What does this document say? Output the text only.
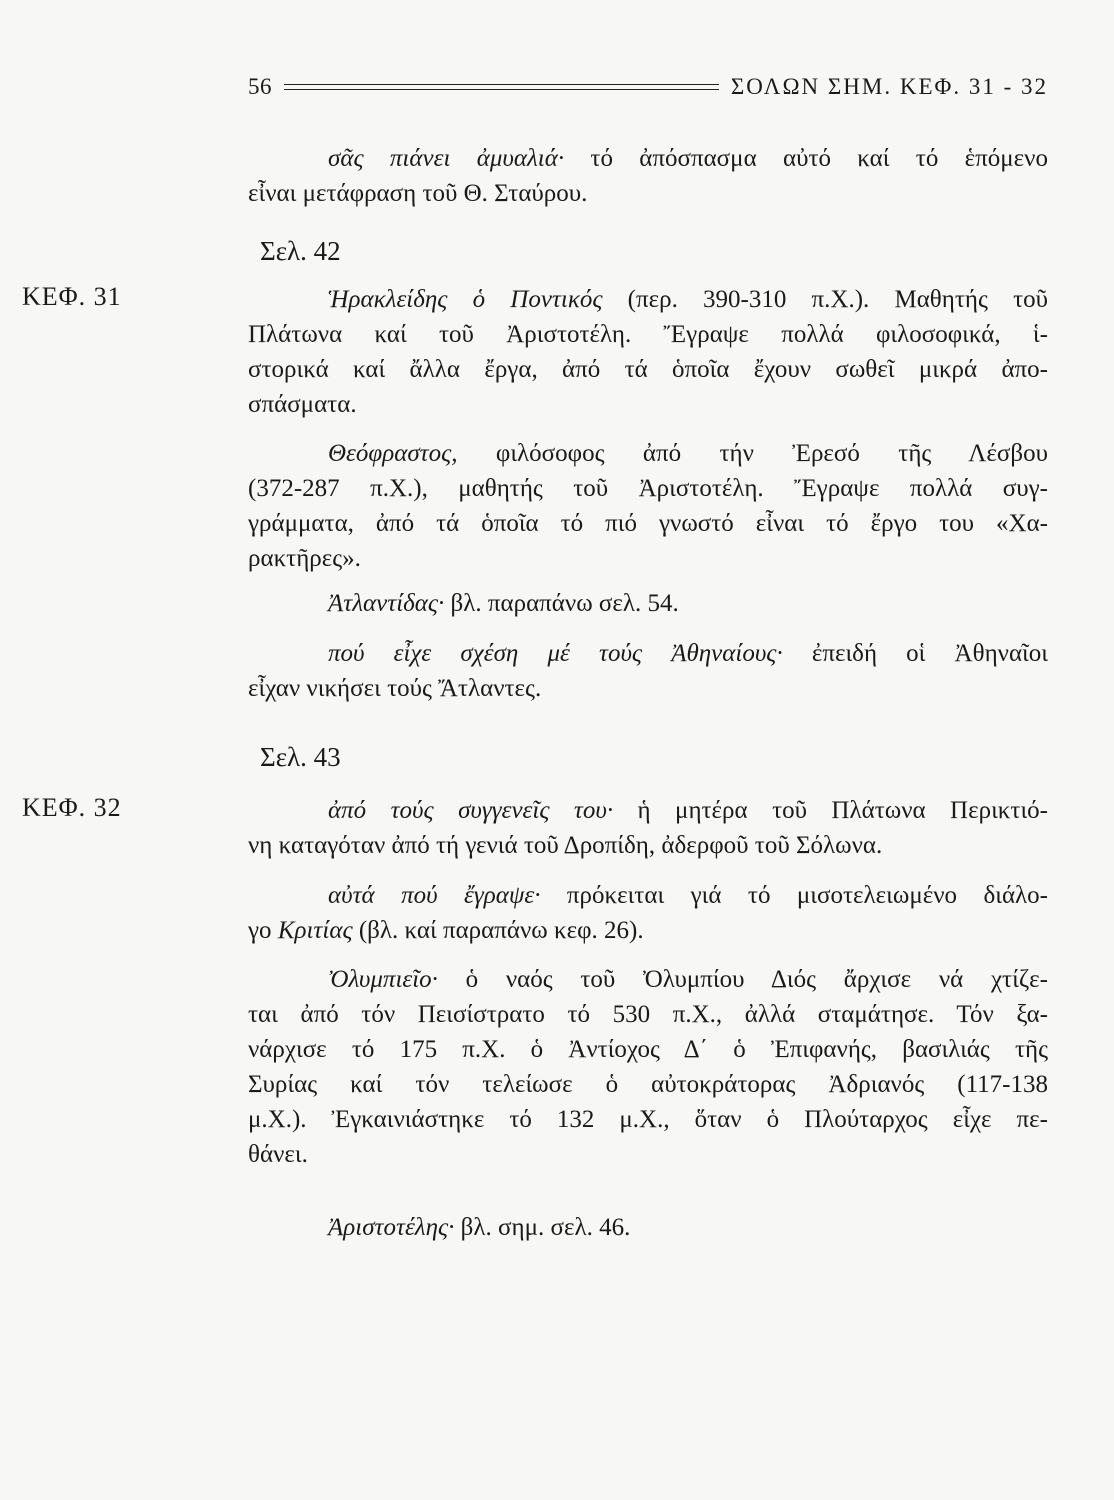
56	ΣΟΛΩΝ ΣΗΜ. ΚΕΦ. 31 - 32

σᾶς πιάνει ἀμυαλιά· τό ἀπόσπασμα αὐτό καί τό ἑπόμενο
εἶναι μετάφραση τοῦ Θ. Σταύρου.

Σελ. 42

ΚΕΦ. 31	Ἡρακλείδης ὁ Ποντικός (περ. 390-310 π.Χ.). Μαθητής τοῦ
Πλάτωνα καί τοῦ Ἀριστοτέλη. Ἔγραψε πολλά φιλοσοφικά, ἱ-
στορικά καί ἄλλα ἔργα, ἀπό τά ὁποῖα ἔχουν σωθεῖ μικρά ἀπο-
σπάσματα.

Θεόφραστος, φιλόσοφος ἀπό τήν Ἐρεσό τῆς Λέσβου
(372-287 π.Χ.), μαθητής τοῦ Ἀριστοτέλη. Ἔγραψε πολλά συγ-
γράμματα, ἀπό τά ὁποῖα τό πιό γνωστό εἶναι τό ἔργο του «Χα-
ρακτῆρες».

Ἀτλαντίδας· βλ. παραπάνω σελ. 54.

πού εἶχε σχέση μέ τούς Ἀθηναίους· ἐπειδή οἱ Ἀθηναῖοι
εἶχαν νικήσει τούς Ἄτλαντες.

Σελ. 43

ΚΕΦ. 32	ἀπό τούς συγγενεῖς του· ἡ μητέρα τοῦ Πλάτωνα Περικτιό-
νη καταγόταν ἀπό τή γενιά τοῦ Δροπίδη, ἀδερφοῦ τοῦ Σόλωνα.

αὐτά πού ἔγραψε· πρόκειται γιά τό μισοτελειωμένο διάλο-
γο Κριτίας (βλ. καί παραπάνω κεφ. 26).

Ὀλυμπιεῖο· ὁ ναός τοῦ Ὀλυμπίου Διός ἄρχισε νά χτίζε-
ται ἀπό τόν Πεισίστρατο τό 530 π.Χ., ἀλλά σταμάτησε. Τόν ξα-
νάρχισε τό 175 π.Χ. ὁ Ἀντίοχος Δ΄ ὁ Ἐπιφανής, βασιλιάς τῆς
Συρίας καί τόν τελείωσε ὁ αὐτοκράτορας Ἀδριανός (117-138
μ.Χ.). Ἐγκαινιάστηκε τό 132 μ.Χ., ὅταν ὁ Πλούταρχος εἶχε πε-
θάνει.

Ἀριστοτέλης· βλ. σημ. σελ. 46.
